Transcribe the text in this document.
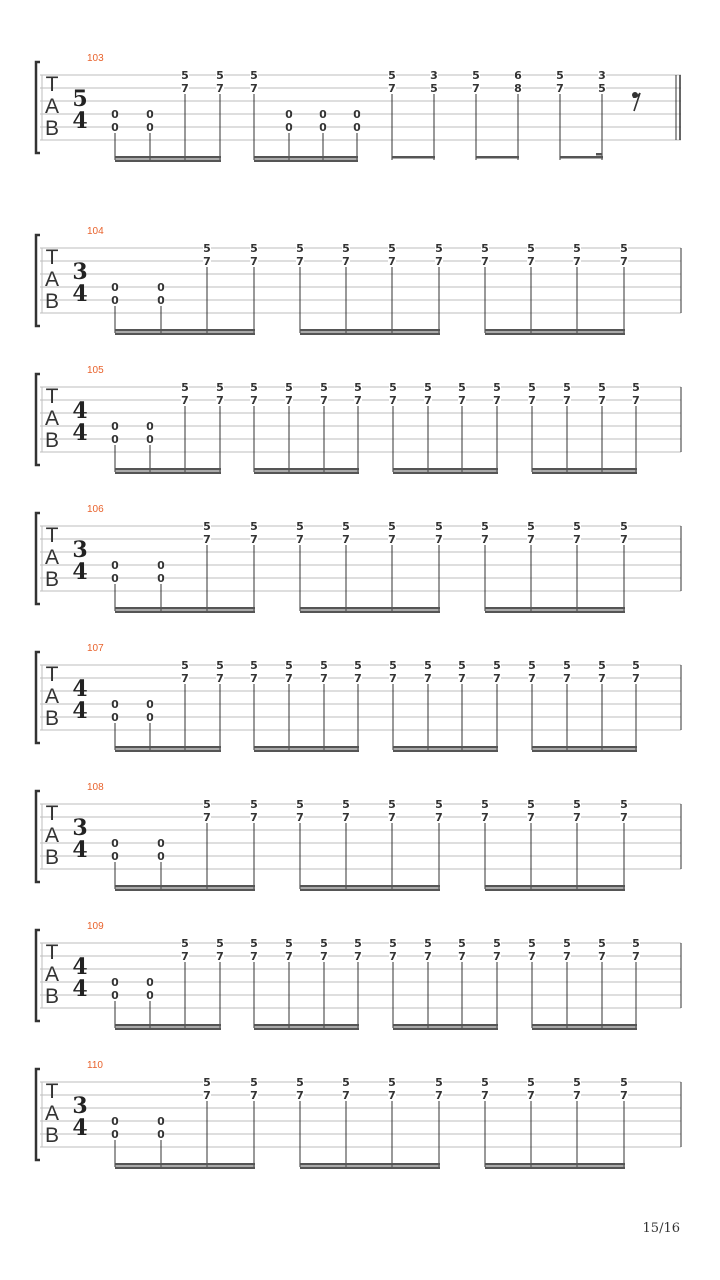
103
T
A
B
5
4 0
0
0
0
5
7
5
7
5
7
0
0
0
0
0
0
5
7
3
5
5
7
6
8
5
7
3
5
104
T
A
B
3
4 0
0
0
0
5
7
5
7
5
7
5
7
5
7
5
7
5
7
5
7
5
7
5
7
105
T
A
B
4
4 0
0
0
0
5
7
5
7
5
7
5
7
5
7
5
7
5
7
5
7
5
7
5
7
5
7
5
7
5
7
5
7
106
T
A
B
3
4 0
0
0
0
5
7
5
7
5
7
5
7
5
7
5
7
5
7
5
7
5
7
5
7
107
T
A
B
4
4 0
0
0
0
5
7
5
7
5
7
5
7
5
7
5
7
5
7
5
7
5
7
5
7
5
7
5
7
5
7
5
7
108
T
A
B
3
4 0
0
0
0
5
7
5
7
5
7
5
7
5
7
5
7
5
7
5
7
5
7
5
7
109
T
A
B
4
4 0
0
0
0
5
7
5
7
5
7
5
7
5
7
5
7
5
7
5
7
5
7
5
7
5
7
5
7
5
7
5
7
110
T
A
B
3
4 0
0
0
0
5
7
5
7
5
7
5
7
5
7
5
7
5
7
5
7
5
7
5
7
15/16
